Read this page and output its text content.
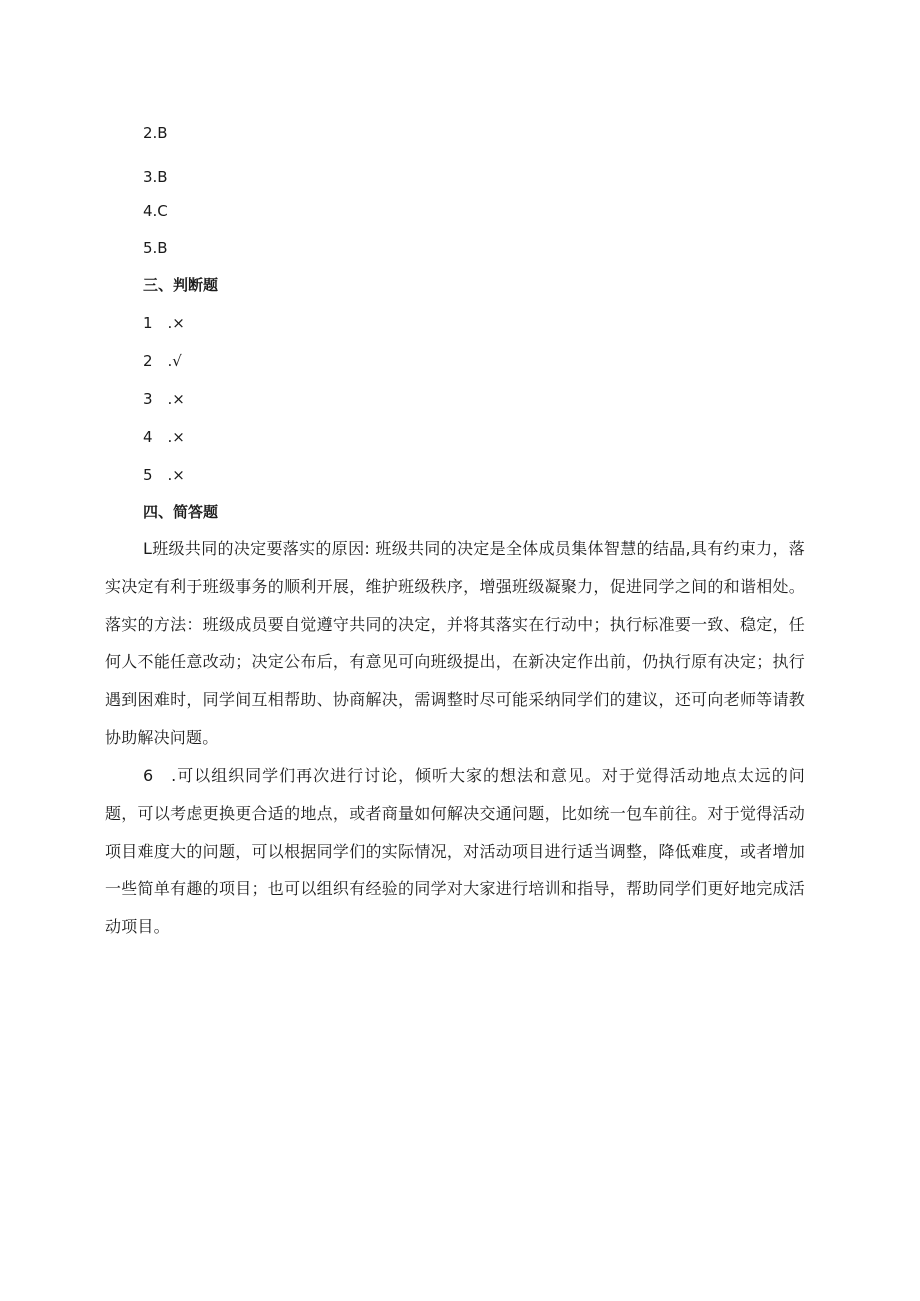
2.B
3.B
4.C
5.B
三、判断题
1　.×
2　.√
3　.×
4　.×
5　.×
四、简答题
L班级共同的决定要落实的原因: 班级共同的决定是全体成员集体智慧的结晶,具有约束力，落实决定有利于班级事务的顺利开展，维护班级秩序，增强班级凝聚力，促进同学之间的和谐相处。落实的方法：班级成员要自觉遵守共同的决定，并将其落实在行动中；执行标准要一致、稳定，任何人不能任意改动；决定公布后，有意见可向班级提出，在新决定作出前，仍执行原有决定；执行遇到困难时，同学间互相帮助、协商解决，需调整时尽可能采纳同学们的建议，还可向老师等请教协助解决问题。
6　.可以组织同学们再次进行讨论，倾听大家的想法和意见。对于觉得活动地点太远的问题，可以考虑更换更合适的地点，或者商量如何解决交通问题，比如统一包车前往。对于觉得活动项目难度大的问题，可以根据同学们的实际情况，对活动项目进行适当调整，降低难度，或者增加一些简单有趣的项目；也可以组织有经验的同学对大家进行培训和指导，帮助同学们更好地完成活动项目。
